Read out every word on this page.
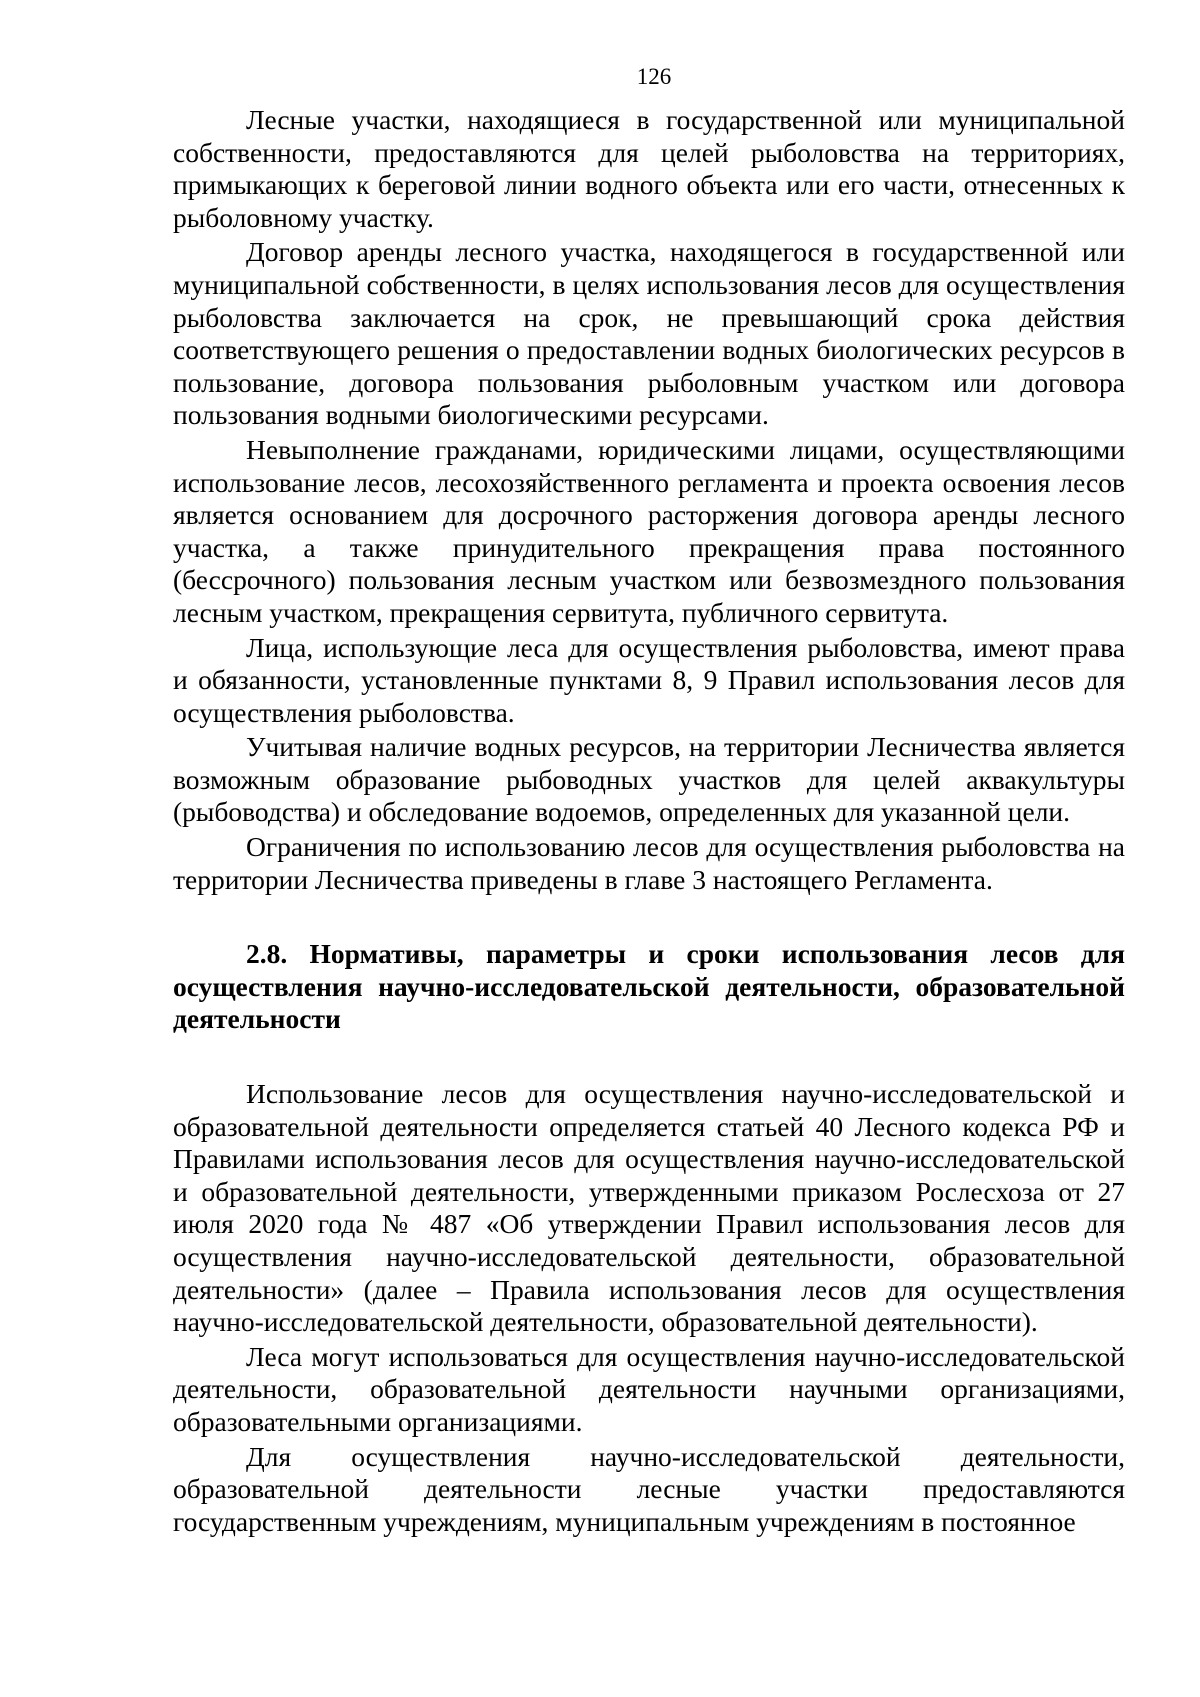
126

Лесные участки, находящиеся в государственной или муниципальной собственности, предоставляются для целей рыболовства на территориях, примыкающих к береговой линии водного объекта или его части, отнесенных к рыболовному участку.

Договор аренды лесного участка, находящегося в государственной или муниципальной собственности, в целях использования лесов для осуществления рыболовства заключается на срок, не превышающий срока действия соответствующего решения о предоставлении водных биологических ресурсов в пользование, договора пользования рыболовным участком или договора пользования водными биологическими ресурсами.

Невыполнение гражданами, юридическими лицами, осуществляющими использование лесов, лесохозяйственного регламента и проекта освоения лесов является основанием для досрочного расторжения договора аренды лесного участка, а также принудительного прекращения права постоянного (бессрочного) пользования лесным участком или безвозмездного пользования лесным участком, прекращения сервитута, публичного сервитута.

Лица, использующие леса для осуществления рыболовства, имеют права и обязанности, установленные пунктами 8, 9 Правил использования лесов для осуществления рыболовства.

Учитывая наличие водных ресурсов, на территории Лесничества является возможным образование рыбоводных участков для целей аквакультуры (рыбоводства) и обследование водоемов, определенных для указанной цели.

Ограничения по использованию лесов для осуществления рыболовства на территории Лесничества приведены в главе 3 настоящего Регламента.

2.8. Нормативы, параметры и сроки использования лесов для осуществления научно-исследовательской деятельности, образовательной деятельности

Использование лесов для осуществления научно-исследовательской и образовательной деятельности определяется статьей 40 Лесного кодекса РФ и Правилами использования лесов для осуществления научно-исследовательской и образовательной деятельности, утвержденными приказом Рослесхоза от 27 июля 2020 года № 487 «Об утверждении Правил использования лесов для осуществления научно-исследовательской деятельности, образовательной деятельности» (далее – Правила использования лесов для осуществления научно-исследовательской деятельности, образовательной деятельности).

Леса могут использоваться для осуществления научно-исследовательской деятельности, образовательной деятельности научными организациями, образовательными организациями.

Для осуществления научно-исследовательской деятельности, образовательной деятельности лесные участки предоставляются государственным учреждениям, муниципальным учреждениям в постоянное
